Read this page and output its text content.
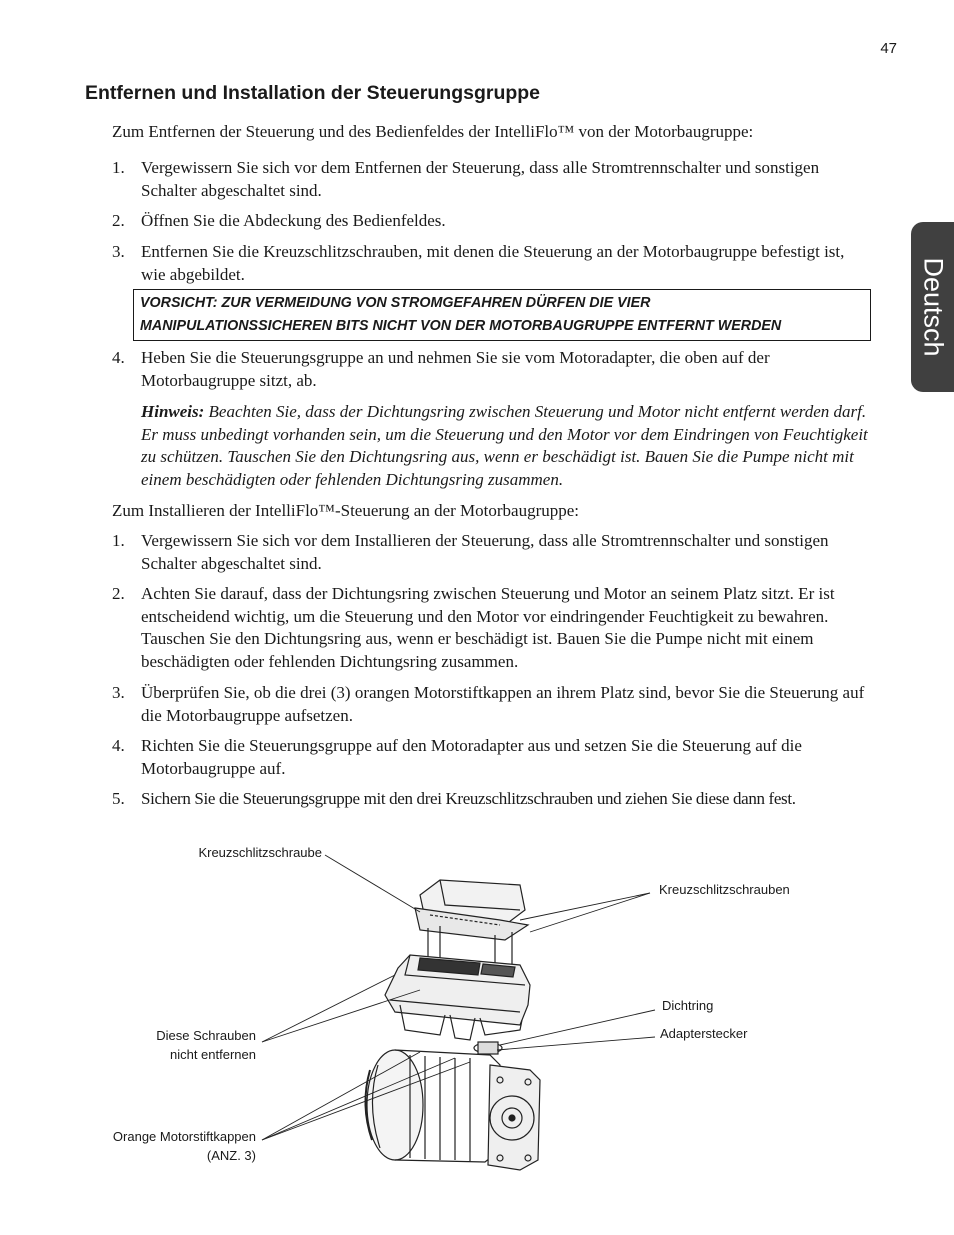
47
Deutsch
Entfernen und Installation der Steuerungsgruppe

Zum Entfernen der Steuerung und des Bedienfeldes der IntelliFlo™ von der Motorbaugruppe:

1. Vergewissern Sie sich vor dem Entfernen der Steuerung, dass alle Stromtrennschalter und sonstigen Schalter abgeschaltet sind.
2. Öffnen Sie die Abdeckung des Bedienfeldes.
3. Entfernen Sie die Kreuzschlitzschrauben, mit denen die Steuerung an der Motorbaugruppe befestigt ist, wie abgebildet.
VORSICHT: ZUR VERMEIDUNG VON STROMGEFAHREN DÜRFEN DIE VIER
MANIPULATIONSSICHEREN BITS NICHT VON DER MOTORBAUGRUPPE ENTFERNT WERDEN
4. Heben Sie die Steuerungsgruppe an und nehmen Sie sie vom Motoradapter, die oben auf der Motorbaugruppe sitzt, ab.
Hinweis: Beachten Sie, dass der Dichtungsring zwischen Steuerung und Motor nicht entfernt werden darf. Er muss unbedingt vorhanden sein, um die Steuerung und den Motor vor dem Eindringen von Feuchtigkeit zu schützen. Tauschen Sie den Dichtungsring aus, wenn er beschädigt ist. Bauen Sie die Pumpe nicht mit einem beschädigten oder fehlenden Dichtungsring zusammen.

Zum Installieren der IntelliFlo™-Steuerung an der Motorbaugruppe:

1. Vergewissern Sie sich vor dem Installieren der Steuerung, dass alle Stromtrennschalter und sonstigen Schalter abgeschaltet sind.
2. Achten Sie darauf, dass der Dichtungsring zwischen Steuerung und Motor an seinem Platz sitzt. Er ist entscheidend wichtig, um die Steuerung und den Motor vor eindringender Feuchtigkeit zu bewahren. Tauschen Sie den Dichtungsring aus, wenn er beschädigt ist. Bauen Sie die Pumpe nicht mit einem beschädigten oder fehlenden Dichtungsring zusammen.
3. Überprüfen Sie, ob die drei (3) orangen Motorstiftkappen an ihrem Platz sind, bevor Sie die Steuerung auf die Motorbaugruppe aufsetzen.
4. Richten Sie die Steuerungsgruppe auf den Motoradapter aus und setzen Sie die Steuerung auf die Motorbaugruppe auf.
5. Sichern Sie die Steuerungsgruppe mit den drei Kreuzschlitzschrauben und ziehen Sie diese dann fest.
Kreuzschlitzschraube
Kreuzschlitzschrauben
Dichtring
Adapterstecker
Diese Schrauben
nicht entfernen
Orange Motorstiftkappen
(ANZ. 3)
